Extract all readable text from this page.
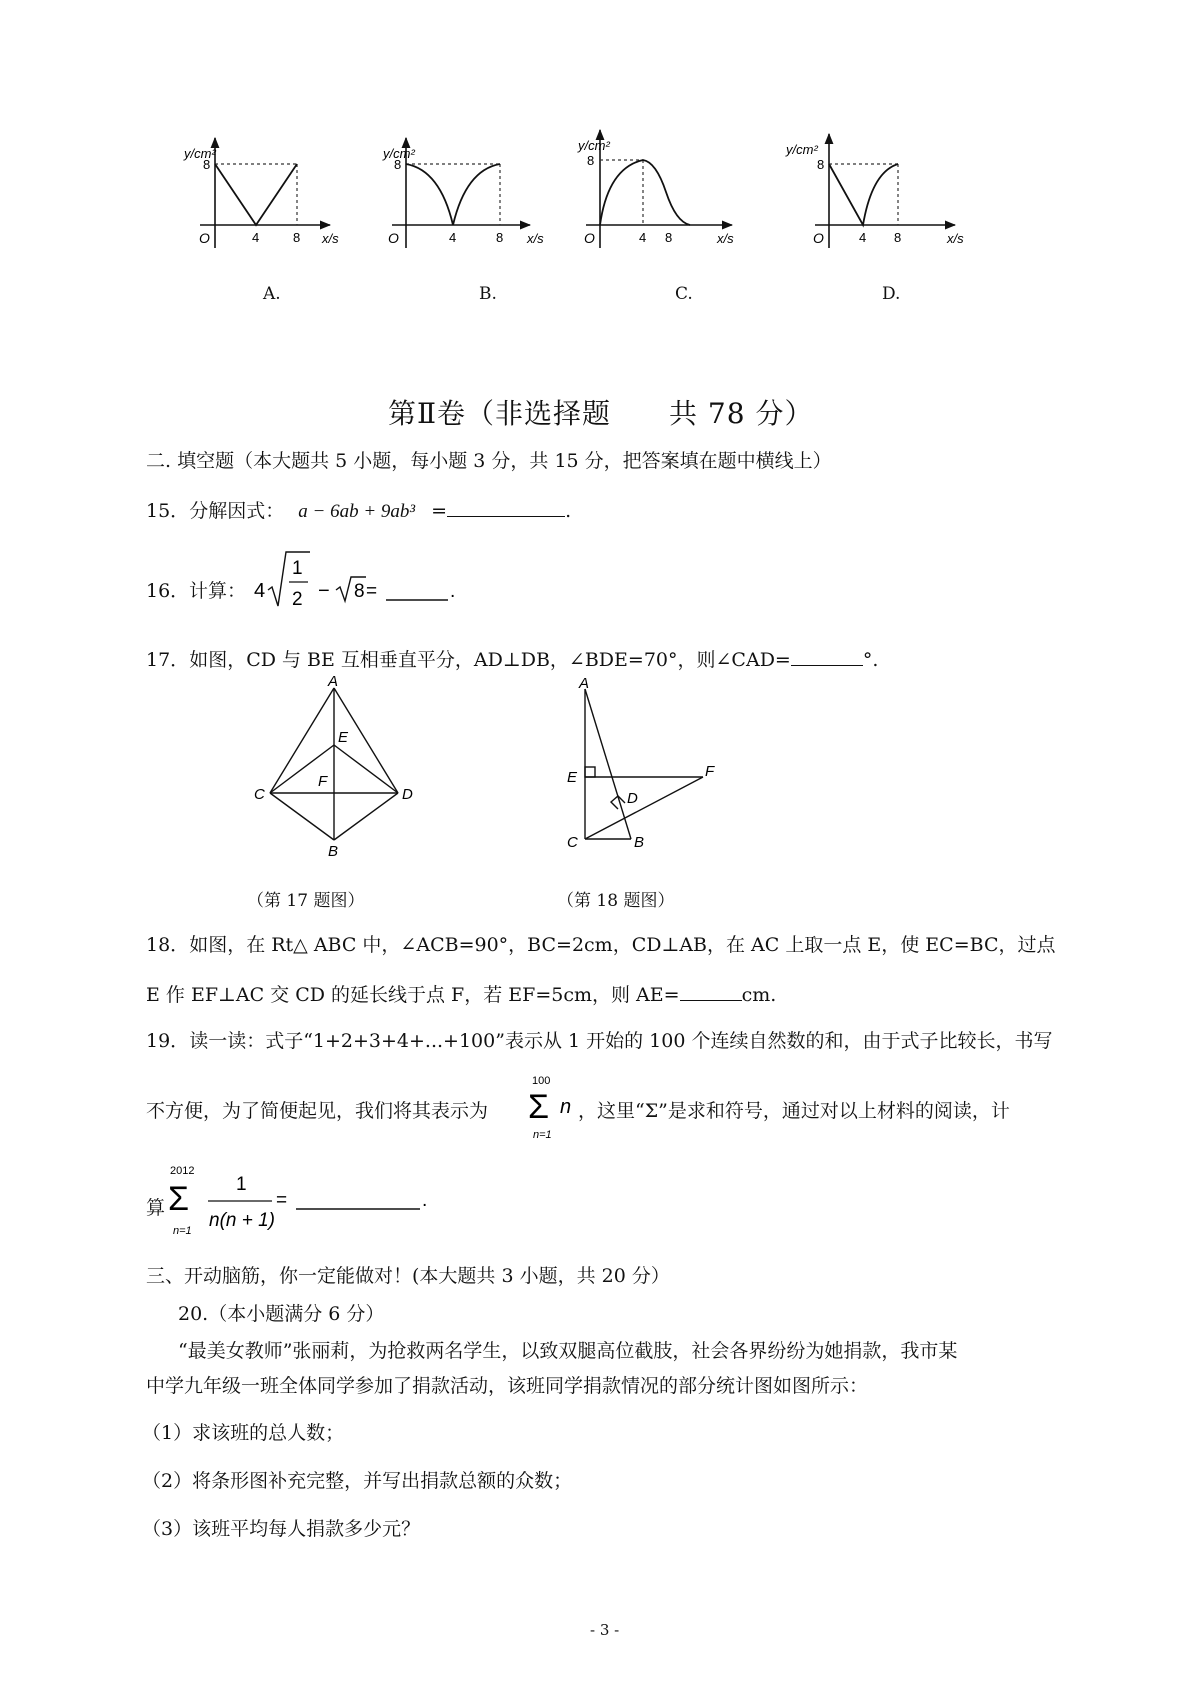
y/cm²
8
O	4	8 x/s
y/cm²
8
O	4	8 x/s
y/cm²
8
O	4 8	x/s
y/cm²
8
O	4 8	x/s
A.	B.	C.	D.
第Ⅱ卷（非选择题　　共 78 分）
二. 填空题（本大题共 5 小题，每小题 3 分，共 15 分，把答案填在题中横线上）
15．分解因式： a − 6ab + 9ab³ =	.
16． 计算： 4
1
2 − 8 =	.
17．如图，CD 与 BE 互相垂直平分，AD⊥DB，∠BDE=70°，则∠CAD=	°.
A
E
F
C	D
B
A
E	F
D
C	B
（第 17 题图）	（第 18 题图）
18．如图，在 Rt△ ABC 中，∠ACB=90°，BC=2cm，CD⊥AB，在 AC 上取一点 E，使 EC=BC，过点
E 作 EF⊥AC 交 CD 的延长线于点 F，若 EF=5cm，则 AE=	cm.
19．读一读：式子“1+2+3+4+...+100”表示从 1 开始的 100 个连续自然数的和，由于式子比较长，书写
不方便，为了简便起见，我们将其表示为
100
Σ
n=1
n ，这里“Σ”是求和符号，通过对以上材料的阅读，计
算
2012
Σ
n=1
1
n(n + 1)
=	.
三、开动脑筋，你一定能做对！(本大题共 3 小题，共 20 分）
20.（本小题满分 6 分）
“最美女教师”张丽莉，为抢救两名学生，以致双腿高位截肢，社会各界纷纷为她捐款，我市某
中学九年级一班全体同学参加了捐款活动，该班同学捐款情况的部分统计图如图所示：
（1）求该班的总人数；
（2）将条形图补充完整，并写出捐款总额的众数；
（3）该班平均每人捐款多少元？
- 3 -
